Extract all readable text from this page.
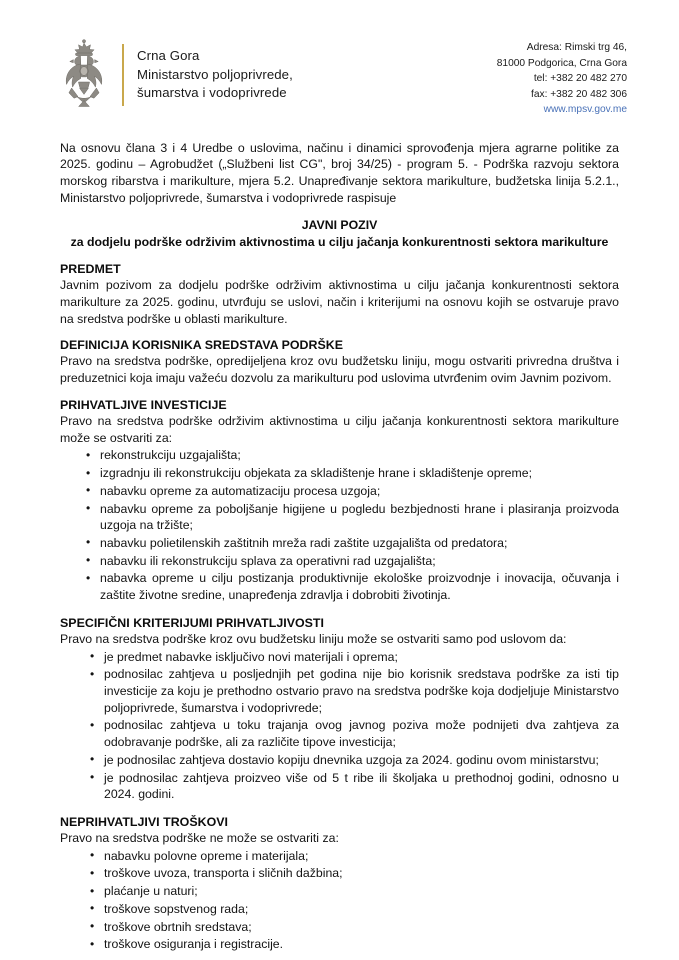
Crna Gora
Ministarstvo poljoprivrede,
šumarstva i vodoprivrede
Adresa: Rimski trg 46,
81000 Podgorica, Crna Gora
tel: +382 20 482 270
fax: +382 20 482 306
www.mpsv.gov.me

Na osnovu člana 3 i 4 Uredbe o uslovima, načinu i dinamici sprovođenja mjera agrarne politike za 2025. godinu – Agrobudžet („Službeni list CG", broj 34/25) - program 5. - Podrška razvoju sektora morskog ribarstva i marikulture, mjera 5.2. Unapređivanje sektora marikulture, budžetska linija 5.2.1., Ministarstvo poljoprivrede, šumarstva i vodoprivrede raspisuje

JAVNI POZIV
za dodjelu podrške održivim aktivnostima u cilju jačanja konkurentnosti sektora marikulture
PREDMET

Javnim pozivom za dodjelu podrške održivim aktivnostima u cilju jačanja konkurentnosti sektora marikulture za 2025. godinu, utvrđuju se uslovi, način i kriterijumi na osnovu kojih se ostvaruje pravo na sredstva podrške u oblasti marikulture.

DEFINICIJA KORISNIKA SREDSTAVA PODRŠKE

Pravo na sredstva podrške, opredijeljena kroz ovu budžetsku liniju, mogu ostvariti privredna društva i preduzetnici koja imaju važeću dozvolu za marikulturu pod uslovima utvrđenim ovim Javnim pozivom.

PRIHVATLJIVE INVESTICIJE

Pravo na sredstva podrške održivim aktivnostima u cilju jačanja konkurentnosti sektora marikulture može se ostvariti za:

• rekonstrukciju uzgajališta;
• izgradnju ili rekonstrukciju objekata za skladištenje hrane i skladištenje opreme;
• nabavku opreme za automatizaciju procesa uzgoja;
• nabavku opreme za poboljšanje higijene u pogledu bezbjednosti hrane i plasiranja proizvoda uzgoja na tržište;
• nabavku polietilenskih zaštitnih mreža radi zaštite uzgajališta od predatora;
• nabavku ili rekonstrukciju splava za operativni rad uzgajališta;
• nabavka opreme u cilju postizanja produktivnije ekološke proizvodnje i inovacija, očuvanja i zaštite životne sredine, unapređenja zdravlja i dobrobiti životinja.
SPECIFIČNI KRITERIJUMI PRIHVATLJIVOSTI

Pravo na sredstva podrške kroz ovu budžetsku liniju može se ostvariti samo pod uslovom da:

• je predmet nabavke isključivo novi materijali i oprema;
• podnosilac zahtjeva u posljednjih pet godina nije bio korisnik sredstava podrške za isti tip investicije za koju je prethodno ostvario pravo na sredstva podrške koja dodjeljuje Ministarstvo poljoprivrede, šumarstva i vodoprivrede;
• podnosilac zahtjeva u toku trajanja ovog javnog poziva može podnijeti dva zahtjeva za odobravanje podrške, ali za različite tipove investicija;
• je podnosilac zahtjeva dostavio kopiju dnevnika uzgoja za 2024. godinu ovom ministarstvu;
• je podnosilac zahtjeva proizveo više od 5 t ribe ili školjaka u prethodnoj godini, odnosno u 2024. godini.
NEPRIHVATLJIVI TROŠKOVI

Pravo na sredstva podrške ne može se ostvariti za:

• nabavku polovne opreme i materijala;
• troškove uvoza, transporta i sličnih dažbina;
• plaćanje u naturi;
• troškove sopstvenog rada;
• troškove obrtnih sredstava;
• troškove osiguranja i registracije.
